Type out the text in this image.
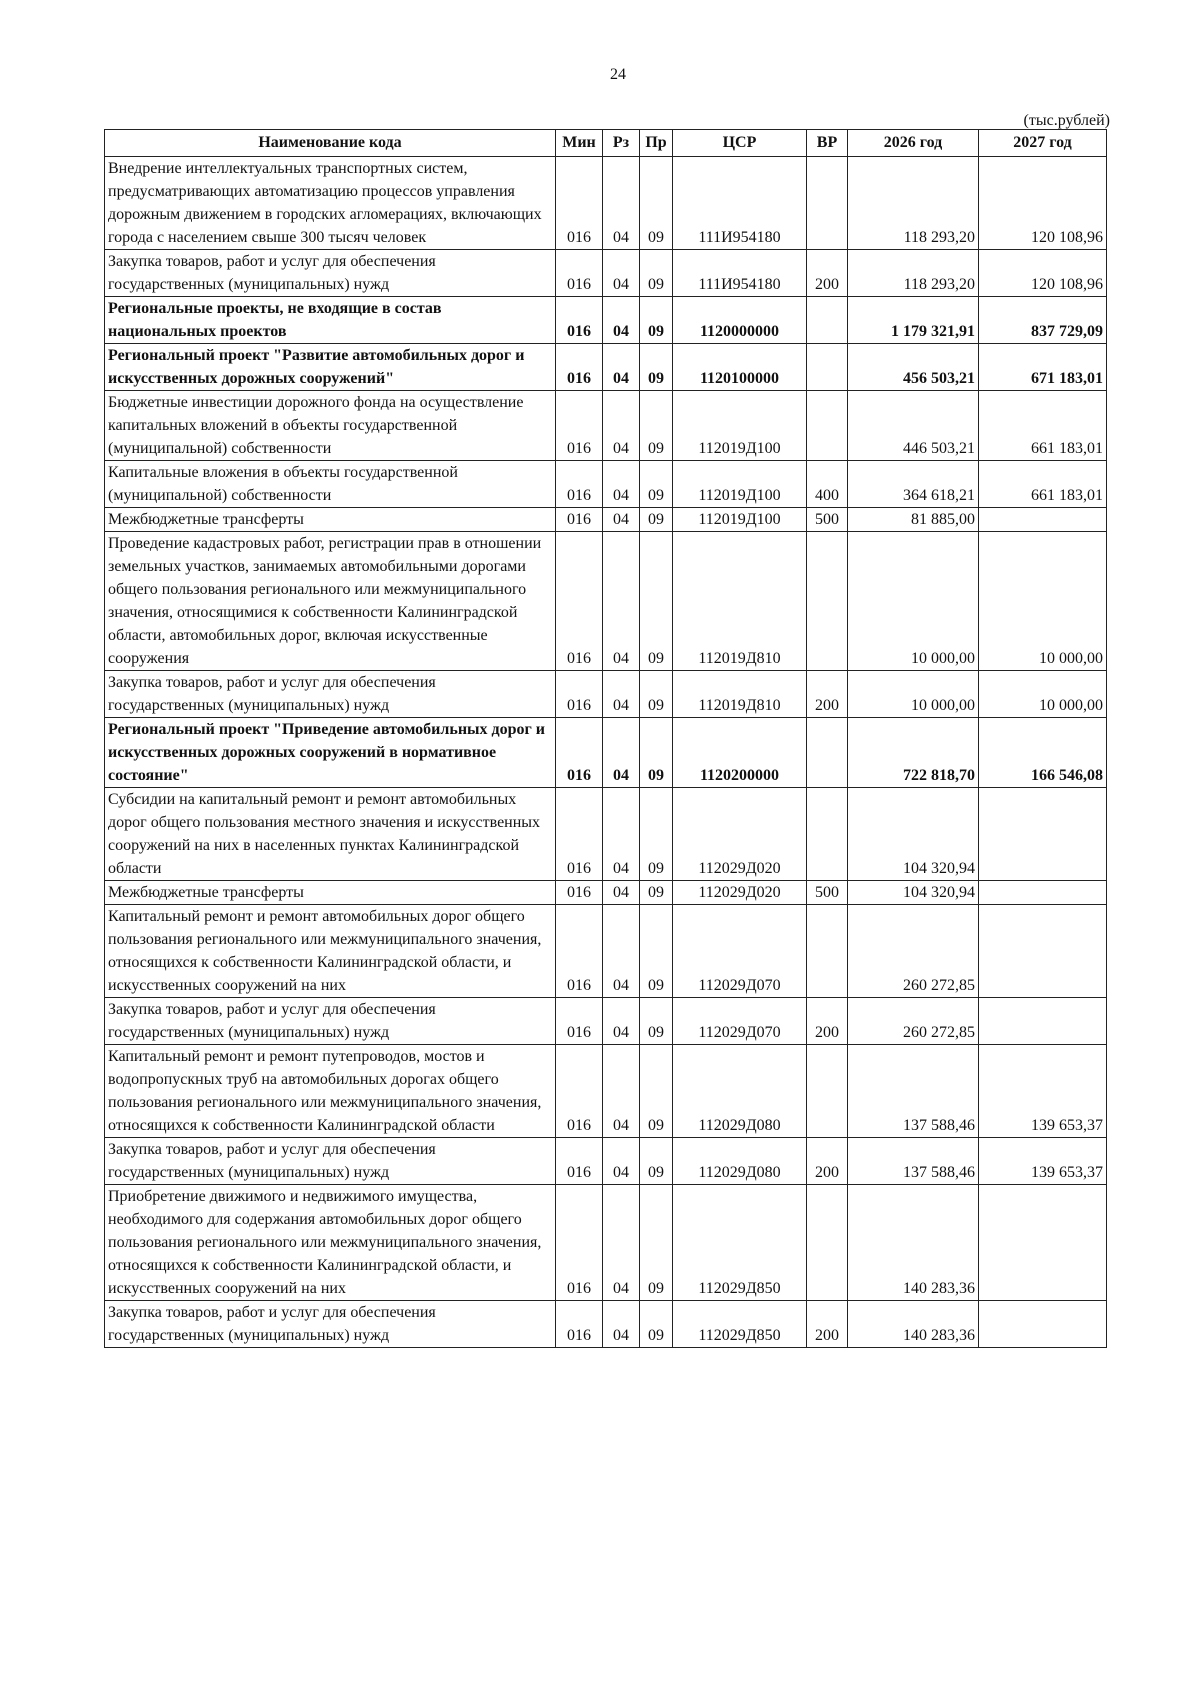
24
(тыс.рублей)
Наименование кода	Мин	Рз	Пр	ЦСР	ВР	2026 год	2027 год
Внедрение интеллектуальных транспортных систем, предусматривающих автоматизацию процессов управления дорожным движением в городских агломерациях, включающих города с населением свыше 300 тысяч человек	016	04	09	111И954180		118 293,20	120 108,96
Закупка товаров, работ и услуг для обеспечения государственных (муниципальных) нужд	016	04	09	111И954180	200	118 293,20	120 108,96
Региональные проекты, не входящие в состав национальных проектов	016	04	09	1120000000		1 179 321,91	837 729,09
Региональный проект "Развитие автомобильных дорог и искусственных дорожных сооружений"	016	04	09	1120100000		456 503,21	671 183,01
Бюджетные инвестиции дорожного фонда на осуществление капитальных вложений в объекты государственной (муниципальной) собственности	016	04	09	112019Д100		446 503,21	661 183,01
Капитальные вложения в объекты государственной (муниципальной) собственности	016	04	09	112019Д100	400	364 618,21	661 183,01
Межбюджетные трансферты	016	04	09	112019Д100	500	81 885,00	
Проведение кадастровых работ, регистрации прав в отношении земельных участков, занимаемых автомобильными дорогами общего пользования регионального или межмуниципального значения, относящимися к собственности Калининградской области, автомобильных дорог, включая искусственные сооружения	016	04	09	112019Д810		10 000,00	10 000,00
Закупка товаров, работ и услуг для обеспечения государственных (муниципальных) нужд	016	04	09	112019Д810	200	10 000,00	10 000,00
Региональный проект "Приведение автомобильных дорог и искусственных дорожных сооружений в нормативное состояние"	016	04	09	1120200000		722 818,70	166 546,08
Субсидии на капитальный ремонт и ремонт автомобильных дорог общего пользования местного значения и искусственных сооружений на них в населенных пунктах Калининградской области	016	04	09	112029Д020		104 320,94	
Межбюджетные трансферты	016	04	09	112029Д020	500	104 320,94	
Капитальный ремонт и ремонт автомобильных дорог общего пользования регионального или межмуниципального значения, относящихся к собственности Калининградской области, и искусственных сооружений на них	016	04	09	112029Д070		260 272,85	
Закупка товаров, работ и услуг для обеспечения государственных (муниципальных) нужд	016	04	09	112029Д070	200	260 272,85	
Капитальный ремонт и ремонт путепроводов, мостов и водопропускных труб на автомобильных дорогах общего пользования регионального или межмуниципального значения, относящихся к собственности Калининградской области	016	04	09	112029Д080		137 588,46	139 653,37
Закупка товаров, работ и услуг для обеспечения государственных (муниципальных) нужд	016	04	09	112029Д080	200	137 588,46	139 653,37
Приобретение движимого и недвижимого имущества, необходимого для содержания автомобильных дорог общего пользования регионального или межмуниципального значения, относящихся к собственности Калининградской области, и искусственных сооружений на них	016	04	09	112029Д850		140 283,36	
Закупка товаров, работ и услуг для обеспечения государственных (муниципальных) нужд	016	04	09	112029Д850	200	140 283,36	
